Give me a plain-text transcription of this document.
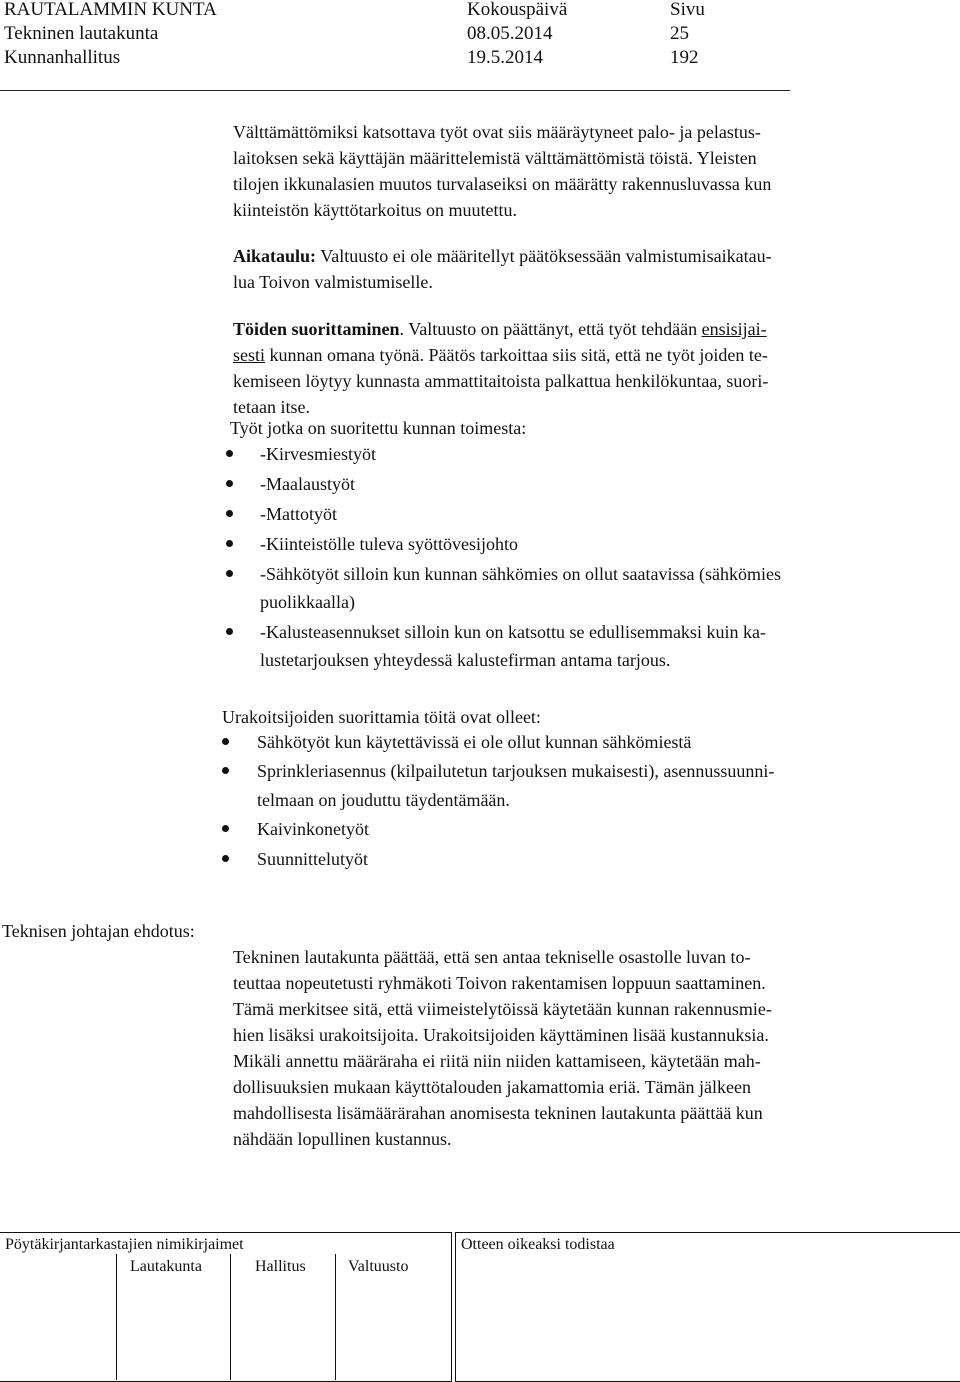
RAUTALAMMIN KUNTA	Kokouspäivä	Sivu
Tekninen lautakunta	08.05.2014	25
Kunnanhallitus	19.5.2014	192
Välttämättömiksi katsottava työt ovat siis määräytyneet palo- ja pelastus-
laitoksen sekä käyttäjän määrittelemistä välttämättömistä töistä. Yleisten
tilojen ikkunalasien muutos turvalaseiksi on määrätty rakennusluvassa kun
kiinteistön käyttötarkoitus on muutettu.
Aikataulu: Valtuusto ei ole määritellyt päätöksessään valmistumisaikatau-
lua Toivon valmistumiselle.
Töiden suorittaminen. Valtuusto on päättänyt, että työt tehdään ensisijai-
sesti kunnan omana työnä. Päätös tarkoittaa siis sitä, että ne työt joiden te-
kemiseen löytyy kunnasta ammattitaitoista palkattua henkilökuntaa, suori-
tetaan itse.
Työt jotka on suoritettu kunnan toimesta:
-Kirvesmiestyöt
-Maalaustyöt
-Mattotyöt
-Kiinteistölle tuleva syöttövesijohto
-Sähkötyöt silloin kun kunnan sähkömies on ollut saatavissa (sähkömies
puolikkaalla)
-Kalusteasennukset silloin kun on katsottu se edullisemmaksi kuin ka-
lustetarjouksen yhteydessä kalustefirman antama tarjous.
Urakoitsijoiden suorittamia töitä ovat olleet:
Sähkötyöt kun käytettävissä ei ole ollut kunnan sähkömiestä
Sprinkleriasennus (kilpailutetun tarjouksen mukaisesti), asennussuunni-
telmaan on jouduttu täydentämään.
Kaivinkonetyöt
Suunnittelutyöt
Teknisen johtajan ehdotus:
Tekninen lautakunta päättää, että sen antaa tekniselle osastolle luvan to-
teuttaa nopeutetusti ryhmäkoti Toivon rakentamisen loppuun saattaminen.
Tämä merkitsee sitä, että viimeistelytöissä käytetään kunnan rakennusmie-
hien lisäksi urakoitsijoita. Urakoitsijoiden käyttäminen lisää kustannuksia.
Mikäli annettu määräraha ei riitä niin niiden kattamiseen, käytetään mah-
dollisuuksien mukaan käyttötalouden jakamattomia eriä. Tämän jälkeen
mahdollisesta lisämäärärahan anomisesta tekninen lautakunta päättää kun
nähdään lopullinen kustannus.
Pöytäkirjantarkastajien nimikirjaimet
Lautakunta	Hallitus	Valtuusto
Otteen oikeaksi todistaa
